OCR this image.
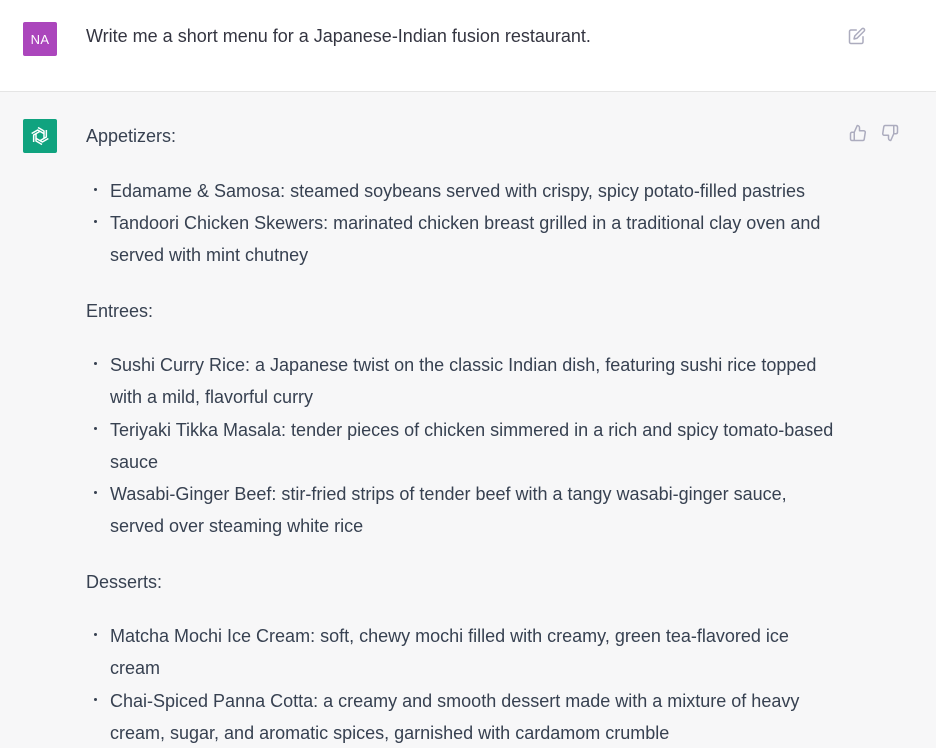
NA	Write me a short menu for a Japanese-Indian fusion restaurant.
Appetizers:
Edamame & Samosa: steamed soybeans served with crispy, spicy potato-filled pastries
Tandoori Chicken Skewers: marinated chicken breast grilled in a traditional clay oven and served with mint chutney
Entrees:
Sushi Curry Rice: a Japanese twist on the classic Indian dish, featuring sushi rice topped with a mild, flavorful curry
Teriyaki Tikka Masala: tender pieces of chicken simmered in a rich and spicy tomato-based sauce
Wasabi-Ginger Beef: stir-fried strips of tender beef with a tangy wasabi-ginger sauce, served over steaming white rice
Desserts:
Matcha Mochi Ice Cream: soft, chewy mochi filled with creamy, green tea-flavored ice cream
Chai-Spiced Panna Cotta: a creamy and smooth dessert made with a mixture of heavy cream, sugar, and aromatic spices, garnished with cardamom crumble
